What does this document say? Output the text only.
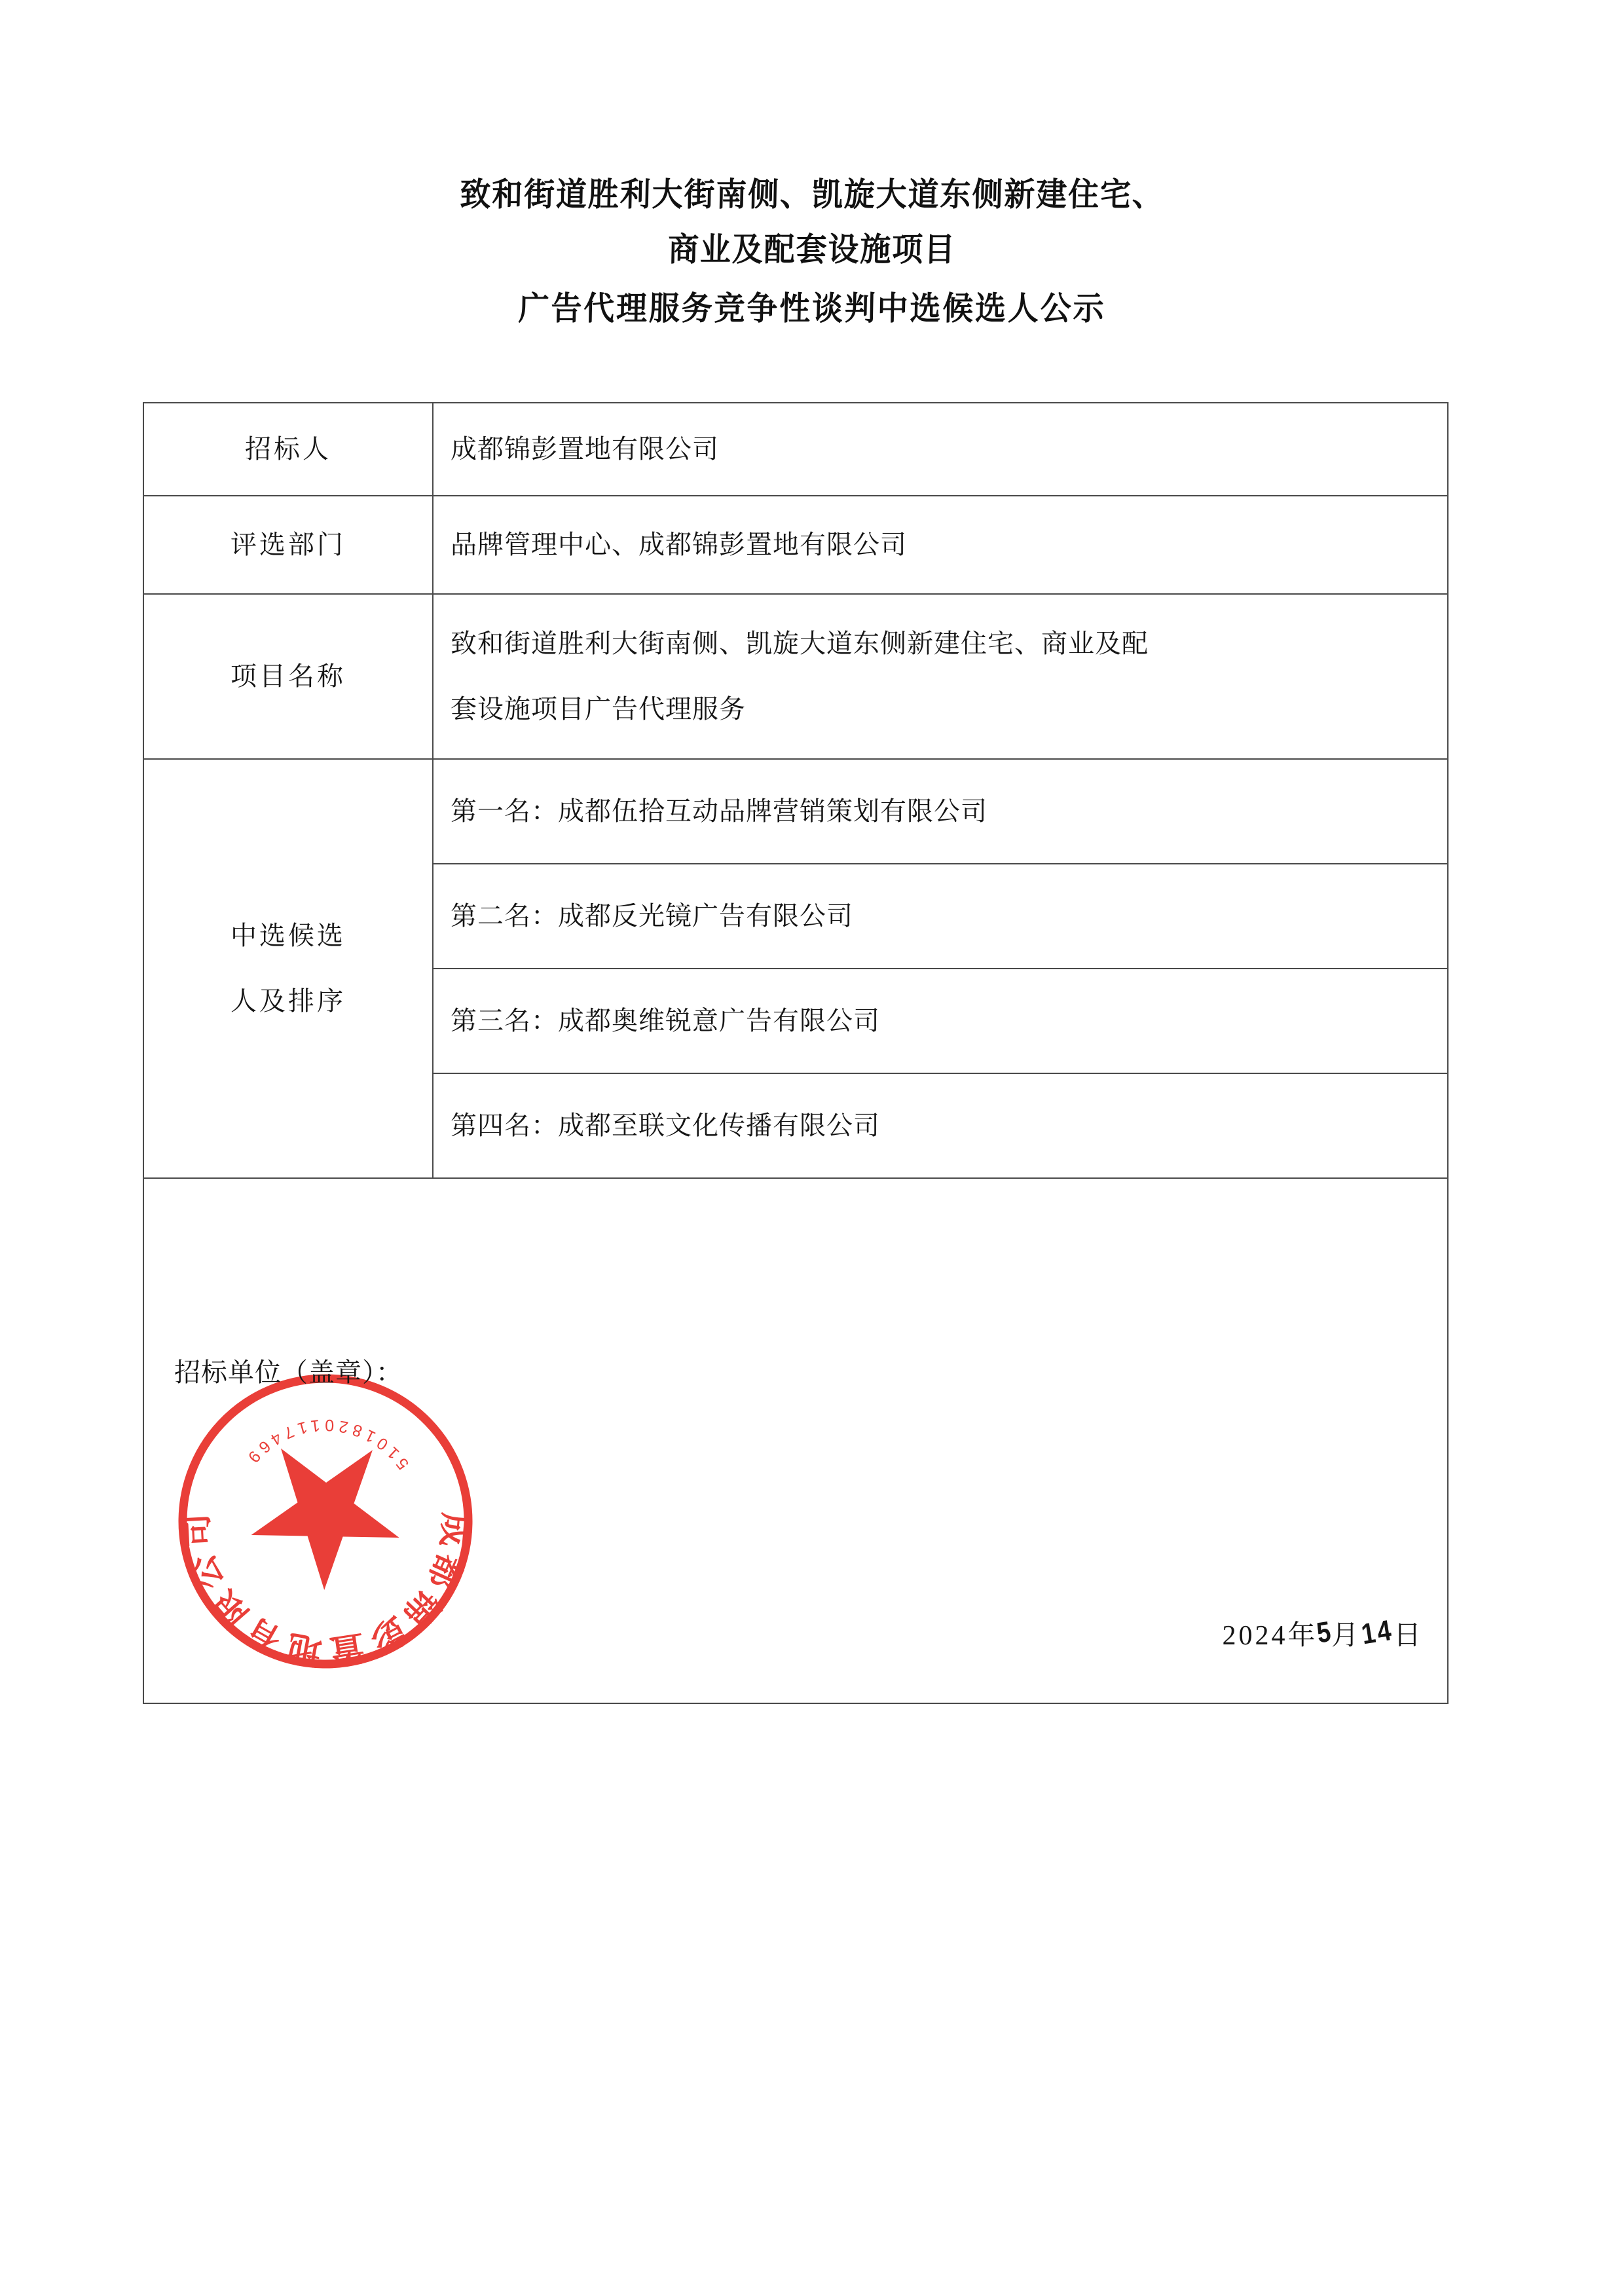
致和街道胜利大街南侧、凯旋大道东侧新建住宅、
商业及配套设施项目
广告代理服务竞争性谈判中选候选人公示
招标人	成都锦彭置地有限公司
评选部门	品牌管理中心、成都锦彭置地有限公司
项目名称	致和街道胜利大街南侧、凯旋大道东侧新建住宅、商业及配
套设施项目广告代理服务

中选候选
人及排序	第一名：成都伍拾互动品牌营销策划有限公司
	第二名：成都反光镜广告有限公司
	第三名：成都奥维锐意广告有限公司
	第四名：成都至联文化传播有限公司

招标单位（盖章）：
成都锦彭置地有限公司
5101820117469
2024年5月14日	
